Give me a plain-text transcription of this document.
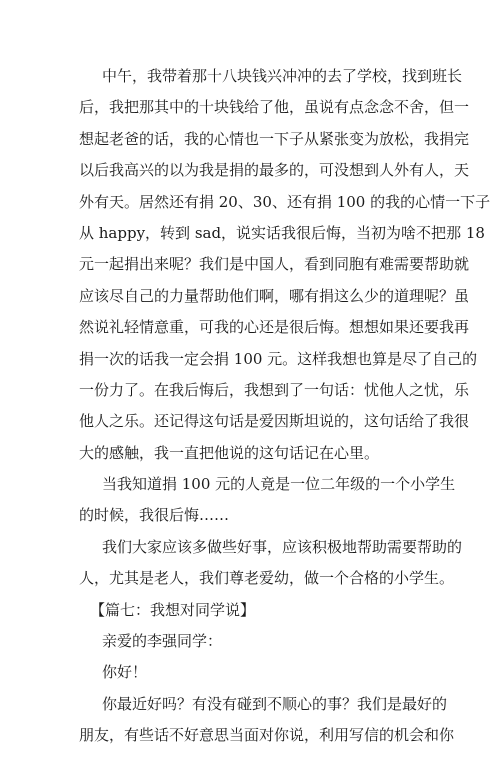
中午，我带着那十八块钱兴冲冲的去了学校，找到班长
后，我把那其中的十块钱给了他，虽说有点念念不舍，但一
想起老爸的话，我的心情也一下子从紧张变为放松，我捐完
以后我高兴的以为我是捐的最多的，可没想到人外有人，天
外有天。居然还有捐 20、30、还有捐 100 的我的心情一下子
从 happy，转到 sad，说实话我很后悔，当初为啥不把那 18
元一起捐出来呢？我们是中国人，看到同胞有难需要帮助就
应该尽自己的力量帮助他们啊，哪有捐这么少的道理呢？虽
然说礼轻情意重，可我的心还是很后悔。想想如果还要我再
捐一次的话我一定会捐 100 元。这样我想也算是尽了自己的
一份力了。在我后悔后，我想到了一句话：忧他人之忧，乐
他人之乐。还记得这句话是爱因斯坦说的，这句话给了我很
大的感触，我一直把他说的这句话记在心里。
当我知道捐 100 元的人竟是一位二年级的一个小学生
的时候，我很后悔……
我们大家应该多做些好事，应该积极地帮助需要帮助的
人，尤其是老人，我们尊老爱幼，做一个合格的小学生。
【篇七：我想对同学说】
亲爱的李强同学：
你好！
你最近好吗？有没有碰到不顺心的事？我们是最好的
朋友，有些话不好意思当面对你说，利用写信的机会和你
